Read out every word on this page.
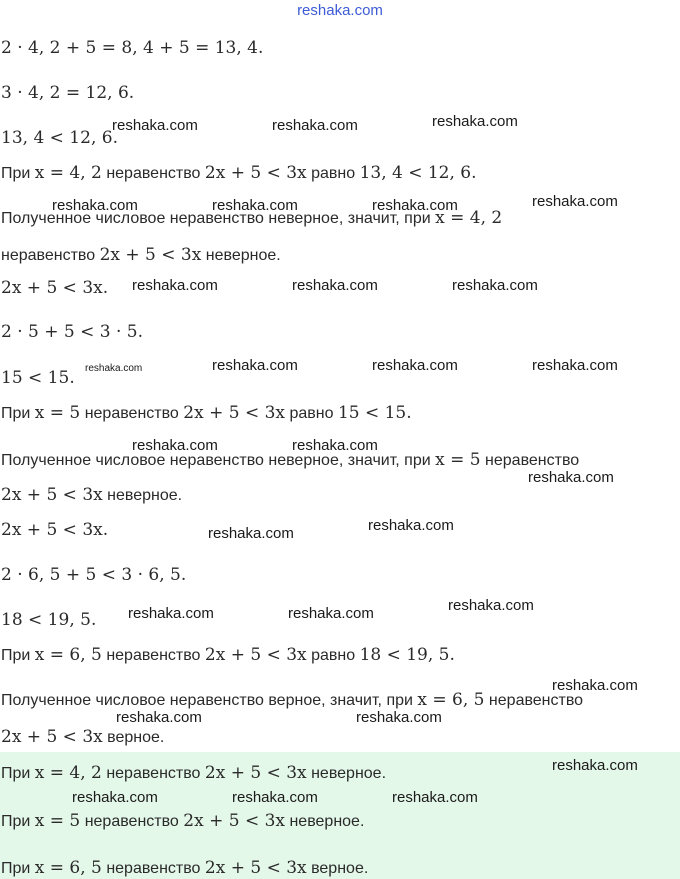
reshaka.com
2 · 4, 2 + 5 = 8, 4 + 5 = 13, 4.
3 · 4, 2 = 12, 6.
13, 4 < 12, 6.
При x = 4, 2 неравенство 2x + 5 < 3x равно 13, 4 < 12, 6.
Полученное числовое неравенство неверное, значит, при x = 4, 2
неравенство 2x + 5 < 3x неверное.
2x + 5 < 3x.
2 · 5 + 5 < 3 · 5.
15 < 15.
При x = 5 неравенство 2x + 5 < 3x равно 15 < 15.
Полученное числовое неравенство неверное, значит, при x = 5 неравенство
2x + 5 < 3x неверное.
2x + 5 < 3x.
2 · 6, 5 + 5 < 3 · 6, 5.
18 < 19, 5.
При x = 6, 5 неравенство 2x + 5 < 3x равно 18 < 19, 5.
Полученное числовое неравенство верное, значит, при x = 6, 5 неравенство
2x + 5 < 3x верное.
При x = 4, 2 неравенство 2x + 5 < 3x неверное.
При x = 5 неравенство 2x + 5 < 3x неверное.
При x = 6, 5 неравенство 2x + 5 < 3x верное.
reshaka.com	reshaka.com	reshaka.com
reshaka.com	reshaka.com	reshaka.com	reshaka.com
reshaka.com	reshaka.com	reshaka.com
reshaka.com	reshaka.com	reshaka.com	reshaka.com
reshaka.com	reshaka.com
reshaka.com
reshaka.com	reshaka.com
reshaka.com	reshaka.com	reshaka.com
reshaka.com
reshaka.com	reshaka.com
reshaka.com
reshaka.com	reshaka.com	reshaka.com
